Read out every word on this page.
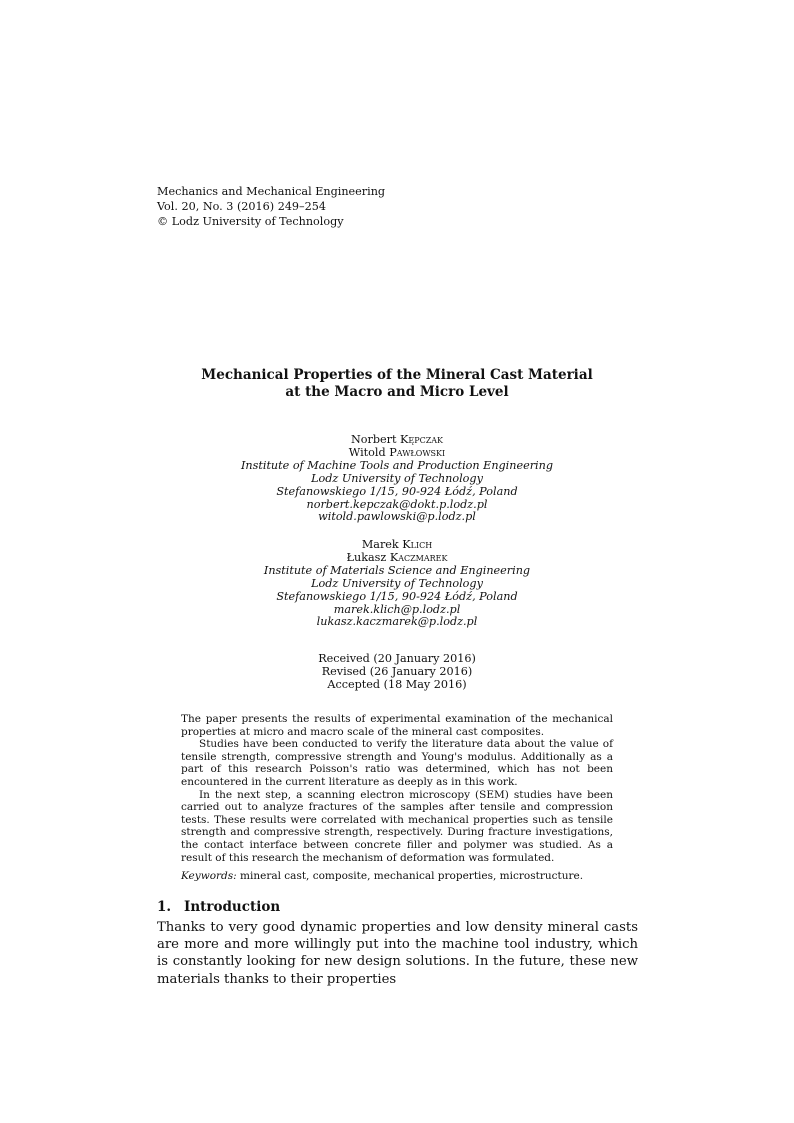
Mechanics and Mechanical Engineering
Vol. 20, No. 3 (2016) 249–254
© Lodz University of Technology
Mechanical Properties of the Mineral Cast Material
at the Macro and Micro Level
Norbert Kępczak
Witold Pawłowski
Institute of Machine Tools and Production Engineering
Lodz University of Technology
Stefanowskiego 1/15, 90-924 Łódź, Poland
norbert.kepczak@dokt.p.lodz.pl
witold.pawlowski@p.lodz.pl
Marek Klich
Łukasz Kaczmarek
Institute of Materials Science and Engineering
Lodz University of Technology
Stefanowskiego 1/15, 90-924 Łódź, Poland
marek.klich@p.lodz.pl
lukasz.kaczmarek@p.lodz.pl
Received (20 January 2016)
Revised (26 January 2016)
Accepted (18 May 2016)

The paper presents the results of experimental examination of the mechanical properties at micro and macro scale of the mineral cast composites.

Studies have been conducted to verify the literature data about the value of tensile strength, compressive strength and Young's modulus. Additionally as a part of this research Poisson's ratio was determined, which has not been encountered in the current literature as deeply as in this work.

In the next step, a scanning electron microscopy (SEM) studies have been carried out to analyze fractures of the samples after tensile and compression tests. These results were correlated with mechanical properties such as tensile strength and compressive strength, respectively. During fracture investigations, the contact interface between concrete filler and polymer was studied. As a result of this research the mechanism of deformation was formulated.

Keywords: mineral cast, composite, mechanical properties, microstructure.

1. Introduction

Thanks to very good dynamic properties and low density mineral casts are more and more willingly put into the machine tool industry, which is constantly looking for new design solutions. In the future, these new materials thanks to their properties
